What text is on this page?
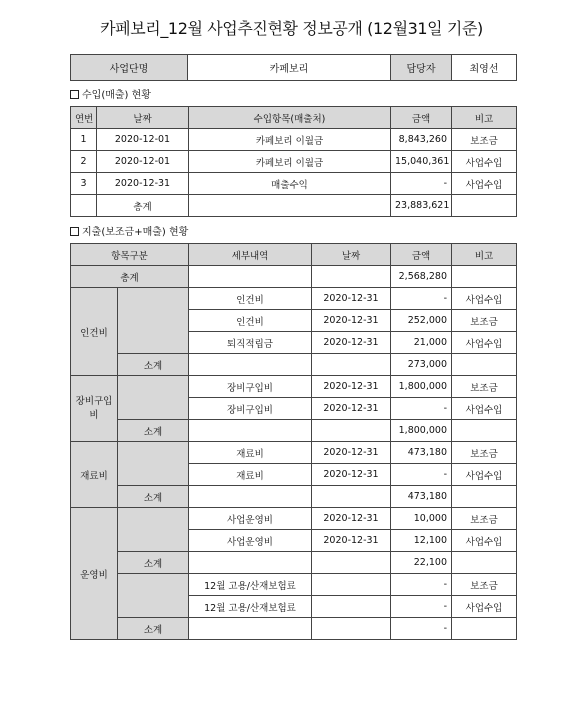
카페보리_12월 사업추진현황 정보공개 (12월31일 기준)
사업단명	카페보리	담당자	최영선
수입(매출) 현황
연번	날짜	수입항목(매출처)	금액	비고
1	2020-12-01	카페보리 이월금	8,843,260	보조금
2	2020-12-01	카페보리 이월금	15,040,361	사업수입
3	2020-12-31	매출수익	-	사업수입
	총계		23,883,621	
지출(보조금+매출) 현황
항목구분		세부내역	날짜	금액	비고
총계				2,568,280	
인건비		인건비	2020-12-31	-	사업수입
		인건비	2020-12-31	252,000	보조금
		퇴직적립금	2020-12-31	21,000	사업수입
	소계			273,000	
장비구입비		장비구입비	2020-12-31	1,800,000	보조금
		장비구입비	2020-12-31	-	사업수입
	소계			1,800,000	
재료비		재료비	2020-12-31	473,180	보조금
		재료비	2020-12-31	-	사업수입
	소계			473,180	
운영비		사업운영비	2020-12-31	10,000	보조금
		사업운영비	2020-12-31	12,100	사업수입
	소계			22,100	
		12월 고용/산재보험료		-	보조금
		12월 고용/산재보험료		-	사업수입
	소계			-	
